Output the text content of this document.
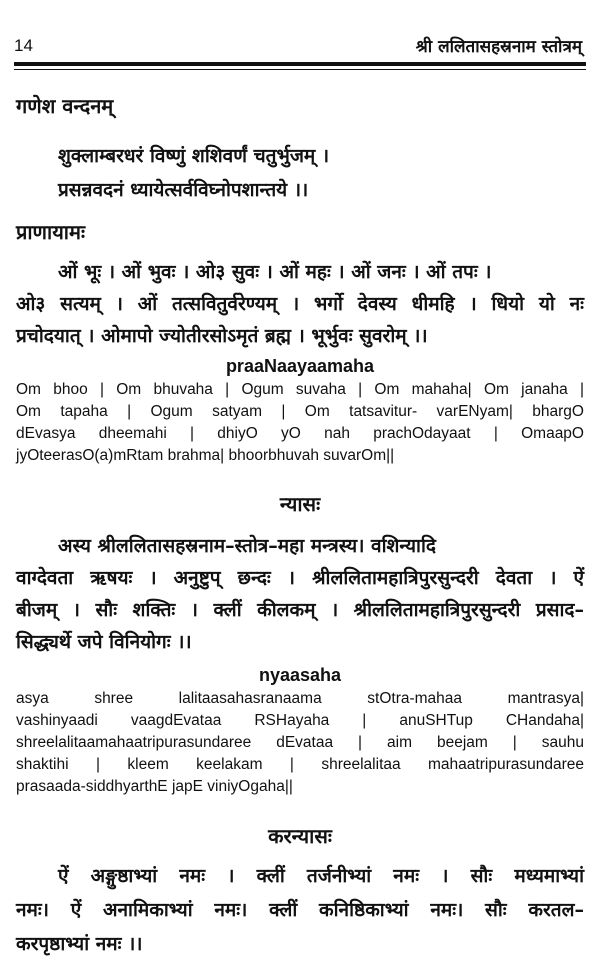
14	श्री ललितासहस्रनाम स्तोत्रम्
गणेश वन्दनम्
शुक्लाम्बरधरं विष्णुं शशिवर्णं चतुर्भुजम् ।
प्रसन्नवदनं ध्यायेत्सर्वविघ्नोपशान्तये ।।
प्राणायामः
ओं भूः । ओं भुवः । ओ३ सुवः । ओं महः । ओं जनः । ओं तपः ।
ओ३ सत्यम् । ओं तत्सवितुर्वरेण्यम् । भर्गो देवस्य धीमहि । धियो यो नः
प्रचोदयात् । ओमापो ज्योतीरसोऽमृतं ब्रह्म । भूर्भुवः सुवरोम् ।।
praaNaayaamaha
Om bhoo | Om bhuvaha | Ogum suvaha | Om mahaha| Om janaha |
Om tapaha | Ogum satyam | Om tatsavitur- varENyam| bhargO
dEvasya dheemahi | dhiyO yO nah prachOdayaat | OmaapO
jyOteerasO(a)mRtam brahma| bhoorbhuvah suvarOm||
न्यासः
अस्य श्रीललितासहस्रनाम–स्तोत्र–महा मन्त्रस्य। वशिन्यादि
वाग्देवता ऋषयः । अनुष्टुप् छन्दः । श्रीललितामहात्रिपुरसुन्दरी देवता । ऐं
बीजम् । सौः शक्तिः । क्लीं कीलकम् । श्रीललितामहात्रिपुरसुन्दरी प्रसाद–
सिद्ध्यर्थे जपे विनियोगः ।।
nyaasaha
asya shree lalitaasahasranaama stOtra-mahaa mantrasya|
vashinyaadi vaagdEvataa RSHayaha | anuSHTup CHandaha|
shreelalitaamahaatripurasundaree dEvataa | aim beejam | sauhu
shaktihi | kleem keelakam | shreelalitaa mahaatripurasundaree
prasaada-siddhyarthE japE viniyOgaha||
करन्यासः
ऐं अङ्गुष्ठाभ्यां नमः । क्लीं तर्जनीभ्यां नमः । सौः मध्यमाभ्यां
नमः। ऐं अनामिकाभ्यां नमः। क्लीं कनिष्ठिकाभ्यां नमः। सौः करतल–
करपृष्ठाभ्यां नमः ।।
